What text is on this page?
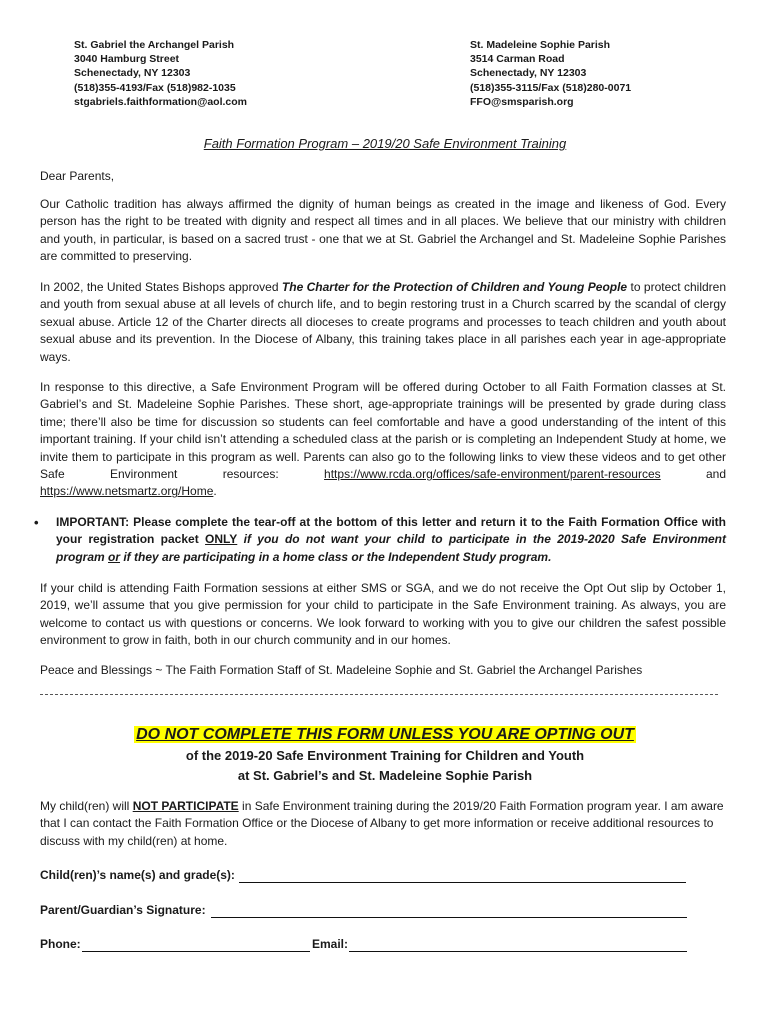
St. Gabriel the Archangel Parish
3040 Hamburg Street
Schenectady, NY 12303
(518)355-4193/Fax (518)982-1035
stgabriels.faithformation@aol.com
St. Madeleine Sophie Parish
3514 Carman Road
Schenectady, NY 12303
(518)355-3115/Fax (518)280-0071
FFO@smsparish.org
Faith Formation Program – 2019/20 Safe Environment Training
Dear Parents,
Our Catholic tradition has always affirmed the dignity of human beings as created in the image and likeness of God. Every person has the right to be treated with dignity and respect all times and in all places. We believe that our ministry with children and youth, in particular, is based on a sacred trust - one that we at St. Gabriel the Archangel and St. Madeleine Sophie Parishes are committed to preserving.
In 2002, the United States Bishops approved The Charter for the Protection of Children and Young People to protect children and youth from sexual abuse at all levels of church life, and to begin restoring trust in a Church scarred by the scandal of clergy sexual abuse. Article 12 of the Charter directs all dioceses to create programs and processes to teach children and youth about sexual abuse and its prevention. In the Diocese of Albany, this training takes place in all parishes each year in age-appropriate ways.
In response to this directive, a Safe Environment Program will be offered during October to all Faith Formation classes at St. Gabriel’s and St. Madeleine Sophie Parishes. These short, age-appropriate trainings will be presented by grade during class time; there’ll also be time for discussion so students can feel comfortable and have a good understanding of the intent of this important training. If your child isn’t attending a scheduled class at the parish or is completing an Independent Study at home, we invite them to participate in this program as well. Parents can also go to the following links to view these videos and to get other Safe Environment resources: https://www.rcda.org/offices/safe-environment/parent-resources and https://www.netsmartz.org/Home.
• IMPORTANT: Please complete the tear-off at the bottom of this letter and return it to the Faith Formation Office with your registration packet ONLY if you do not want your child to participate in the 2019-2020 Safe Environment program or if they are participating in a home class or the Independent Study program.
If your child is attending Faith Formation sessions at either SMS or SGA, and we do not receive the Opt Out slip by October 1, 2019, we’ll assume that you give permission for your child to participate in the Safe Environment training. As always, you are welcome to contact us with questions or concerns. We look forward to working with you to give our children the safest possible environment to grow in faith, both in our church community and in our homes.
Peace and Blessings ~ The Faith Formation Staff of St. Madeleine Sophie and St. Gabriel the Archangel Parishes
DO NOT COMPLETE THIS FORM UNLESS YOU ARE OPTING OUT
of the 2019-20 Safe Environment Training for Children and Youth
at St. Gabriel’s and St. Madeleine Sophie Parish
My child(ren) will NOT PARTICIPATE in Safe Environment training during the 2019/20 Faith Formation program year. I am aware that I can contact the Faith Formation Office or the Diocese of Albany to get more information or receive additional resources to discuss with my child(ren) at home.
Child(ren)’s name(s) and grade(s):
Parent/Guardian’s Signature:
Phone:	Email:
